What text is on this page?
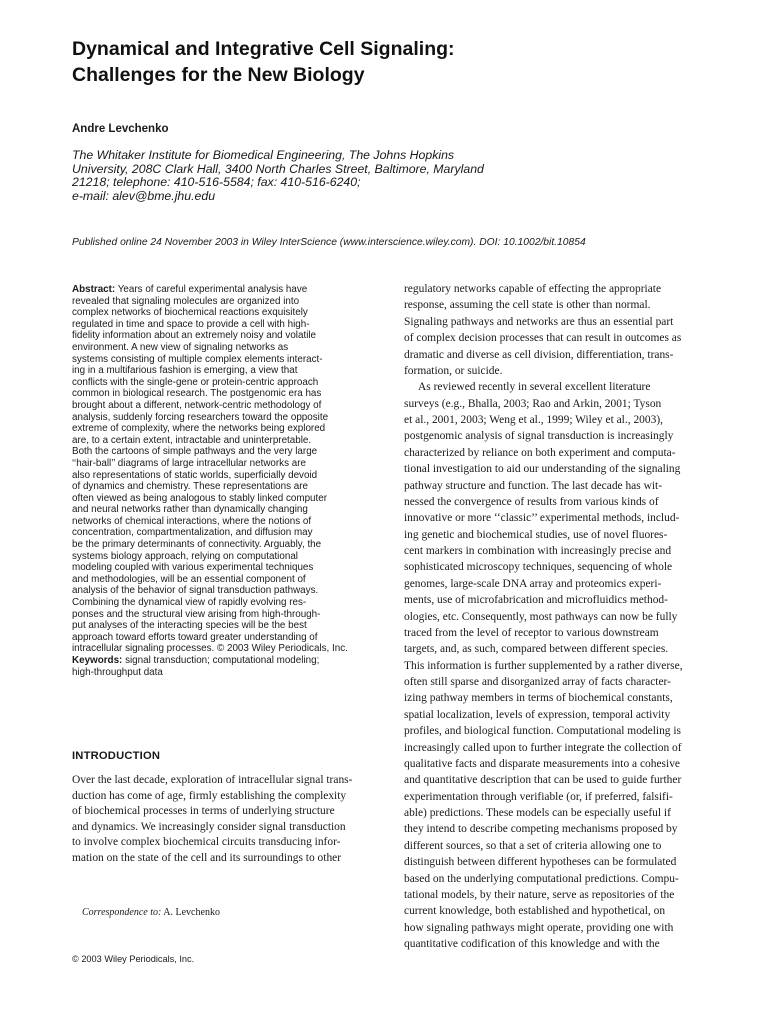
Dynamical and Integrative Cell Signaling:
Challenges for the New Biology
Andre Levchenko
The Whitaker Institute for Biomedical Engineering, The Johns Hopkins
University, 208C Clark Hall, 3400 North Charles Street, Baltimore, Maryland
21218; telephone: 410-516-5584; fax: 410-516-6240;
e-mail: alev@bme.jhu.edu
Published online 24 November 2003 in Wiley InterScience (www.interscience.wiley.com). DOI: 10.1002/bit.10854
Abstract: Years of careful experimental analysis have
revealed that signaling molecules are organized into
complex networks of biochemical reactions exquisitely
regulated in time and space to provide a cell with high-
fidelity information about an extremely noisy and volatile
environment. A new view of signaling networks as
systems consisting of multiple complex elements interact-
ing in a multifarious fashion is emerging, a view that
conflicts with the single-gene or protein-centric approach
common in biological research. The postgenomic era has
brought about a different, network-centric methodology of
analysis, suddenly forcing researchers toward the opposite
extreme of complexity, where the networks being explored
are, to a certain extent, intractable and uninterpretable.
Both the cartoons of simple pathways and the very large
‘‘hair-ball’’ diagrams of large intracellular networks are
also representations of static worlds, superficially devoid
of dynamics and chemistry. These representations are
often viewed as being analogous to stably linked computer
and neural networks rather than dynamically changing
networks of chemical interactions, where the notions of
concentration, compartmentalization, and diffusion may
be the primary determinants of connectivity. Arguably, the
systems biology approach, relying on computational
modeling coupled with various experimental techniques
and methodologies, will be an essential component of
analysis of the behavior of signal transduction pathways.
Combining the dynamical view of rapidly evolving res-
ponses and the structural view arising from high-through-
put analyses of the interacting species will be the best
approach toward efforts toward greater understanding of
intracellular signaling processes. © 2003 Wiley Periodicals, Inc.
Keywords: signal transduction; computational modeling;
high-throughput data
INTRODUCTION
Over the last decade, exploration of intracellular signal trans-
duction has come of age, firmly establishing the complexity
of biochemical processes in terms of underlying structure
and dynamics. We increasingly consider signal transduction
to involve complex biochemical circuits transducing infor-
mation on the state of the cell and its surroundings to other
Correspondence to: A. Levchenko
© 2003 Wiley Periodicals, Inc.
regulatory networks capable of effecting the appropriate
response, assuming the cell state is other than normal.
Signaling pathways and networks are thus an essential part
of complex decision processes that can result in outcomes as
dramatic and diverse as cell division, differentiation, trans-
formation, or suicide.
As reviewed recently in several excellent literature
surveys (e.g., Bhalla, 2003; Rao and Arkin, 2001; Tyson
et al., 2001, 2003; Weng et al., 1999; Wiley et al., 2003),
postgenomic analysis of signal transduction is increasingly
characterized by reliance on both experiment and computa-
tional investigation to aid our understanding of the signaling
pathway structure and function. The last decade has wit-
nessed the convergence of results from various kinds of
innovative or more ‘‘classic’’ experimental methods, includ-
ing genetic and biochemical studies, use of novel fluores-
cent markers in combination with increasingly precise and
sophisticated microscopy techniques, sequencing of whole
genomes, large-scale DNA array and proteomics experi-
ments, use of microfabrication and microfluidics method-
ologies, etc. Consequently, most pathways can now be fully
traced from the level of receptor to various downstream
targets, and, as such, compared between different species.
This information is further supplemented by a rather diverse,
often still sparse and disorganized array of facts character-
izing pathway members in terms of biochemical constants,
spatial localization, levels of expression, temporal activity
profiles, and biological function. Computational modeling is
increasingly called upon to further integrate the collection of
qualitative facts and disparate measurements into a cohesive
and quantitative description that can be used to guide further
experimentation through verifiable (or, if preferred, falsifi-
able) predictions. These models can be especially useful if
they intend to describe competing mechanisms proposed by
different sources, so that a set of criteria allowing one to
distinguish between different hypotheses can be formulated
based on the underlying computational predictions. Compu-
tational models, by their nature, serve as repositories of the
current knowledge, both established and hypothetical, on
how signaling pathways might operate, providing one with
quantitative codification of this knowledge and with the
